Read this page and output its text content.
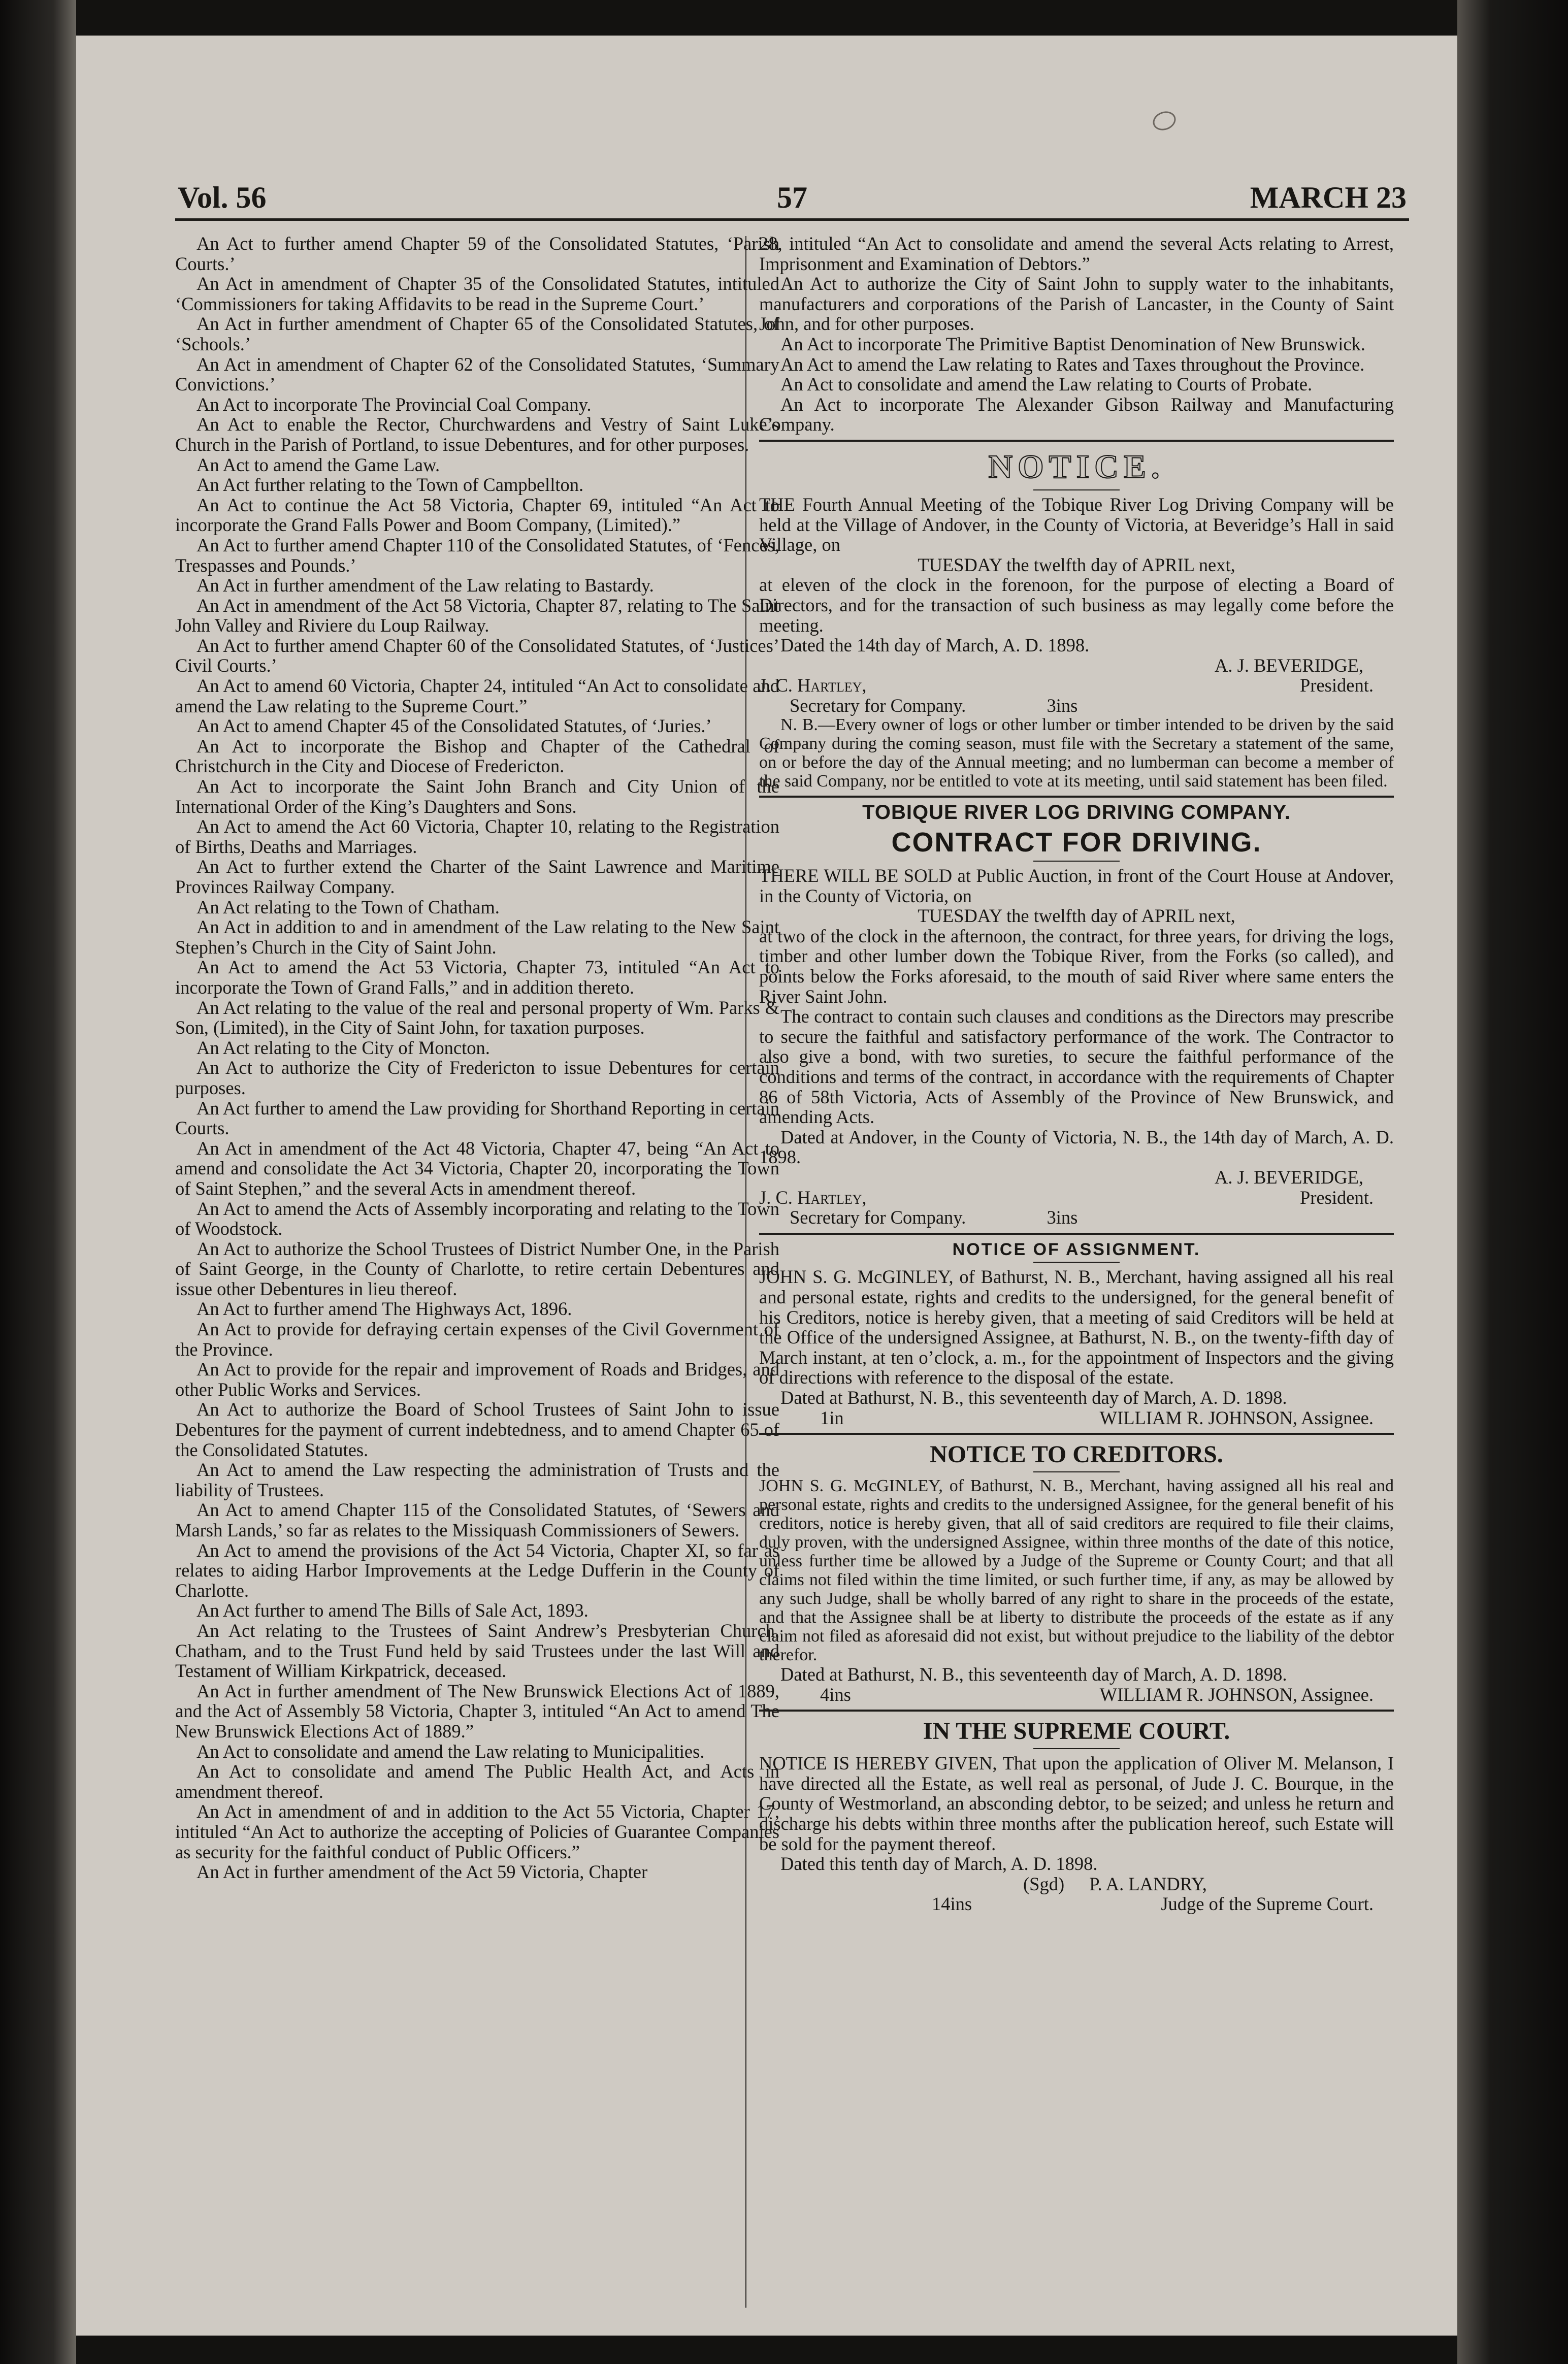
Vol. 56	57	MARCH 23

An Act to further amend Chapter 59 of the Consolidated Statutes, ‘Parish Courts.’

An Act in amendment of Chapter 35 of the Consolidated Statutes, intituled ‘Commissioners for taking Affidavits to be read in the Supreme Court.’

An Act in further amendment of Chapter 65 of the Consolidated Statutes, of ‘Schools.’

An Act in amendment of Chapter 62 of the Consolidated Statutes, ‘Summary Convictions.’

An Act to incorporate The Provincial Coal Company.

An Act to enable the Rector, Churchwardens and Vestry of Saint Luke’s Church in the Parish of Portland, to issue Debentures, and for other purposes.

An Act to amend the Game Law.

An Act further relating to the Town of Campbellton.

An Act to continue the Act 58 Victoria, Chapter 69, intituled “An Act to incorporate the Grand Falls Power and Boom Company, (Limited).”

An Act to further amend Chapter 110 of the Consolidated Statutes, of ‘Fences, Trespasses and Pounds.’

An Act in further amendment of the Law relating to Bastardy.

An Act in amendment of the Act 58 Victoria, Chapter 87, relating to The Saint John Valley and Riviere du Loup Railway.

An Act to further amend Chapter 60 of the Consolidated Statutes, of ‘Justices’ Civil Courts.’

An Act to amend 60 Victoria, Chapter 24, intituled “An Act to consolidate and amend the Law relating to the Supreme Court.”

An Act to amend Chapter 45 of the Consolidated Statutes, of ‘Juries.’

An Act to incorporate the Bishop and Chapter of the Cathedral of Christchurch in the City and Diocese of Fredericton.

An Act to incorporate the Saint John Branch and City Union of the International Order of the King’s Daughters and Sons.

An Act to amend the Act 60 Victoria, Chapter 10, relating to the Registration of Births, Deaths and Marriages.

An Act to further extend the Charter of the Saint Lawrence and Maritime Provinces Railway Company.

An Act relating to the Town of Chatham.

An Act in addition to and in amendment of the Law relating to the New Saint Stephen’s Church in the City of Saint John.

An Act to amend the Act 53 Victoria, Chapter 73, intituled “An Act to incorporate the Town of Grand Falls,” and in addition thereto.

An Act relating to the value of the real and personal property of Wm. Parks & Son, (Limited), in the City of Saint John, for taxation purposes.

An Act relating to the City of Moncton.

An Act to authorize the City of Fredericton to issue Debentures for certain purposes.

An Act further to amend the Law providing for Shorthand Reporting in certain Courts.

An Act in amendment of the Act 48 Victoria, Chapter 47, being “An Act to amend and consolidate the Act 34 Victoria, Chapter 20, incorporating the Town of Saint Stephen,” and the several Acts in amendment thereof.

An Act to amend the Acts of Assembly incorporating and relating to the Town of Woodstock.

An Act to authorize the School Trustees of District Number One, in the Parish of Saint George, in the County of Charlotte, to retire certain Debentures and issue other Debentures in lieu thereof.

An Act to further amend The Highways Act, 1896.

An Act to provide for defraying certain expenses of the Civil Government of the Province.

An Act to provide for the repair and improvement of Roads and Bridges, and other Public Works and Services.

An Act to authorize the Board of School Trustees of Saint John to issue Debentures for the payment of current indebtedness, and to amend Chapter 65 of the Consolidated Statutes.

An Act to amend the Law respecting the administration of Trusts and the liability of Trustees.

An Act to amend Chapter 115 of the Consolidated Statutes, of ‘Sewers and Marsh Lands,’ so far as relates to the Missiquash Commissioners of Sewers.

An Act to amend the provisions of the Act 54 Victoria, Chapter XI, so far as relates to aiding Harbor Improvements at the Ledge Dufferin in the County of Charlotte.

An Act further to amend The Bills of Sale Act, 1893.

An Act relating to the Trustees of Saint Andrew’s Presbyterian Church, Chatham, and to the Trust Fund held by said Trustees under the last Will and Testament of William Kirkpatrick, deceased.

An Act in further amendment of The New Brunswick Elections Act of 1889, and the Act of Assembly 58 Victoria, Chapter 3, intituled “An Act to amend The New Brunswick Elections Act of 1889.”

An Act to consolidate and amend the Law relating to Municipalities.

An Act to consolidate and amend The Public Health Act, and Acts in amendment thereof.

An Act in amendment of and in addition to the Act 55 Victoria, Chapter 17, intituled “An Act to authorize the accepting of Policies of Guarantee Companies as security for the faithful conduct of Public Officers.”

An Act in further amendment of the Act 59 Victoria, Chapter

28, intituled “An Act to consolidate and amend the several Acts relating to Arrest, Imprisonment and Examination of Debtors.”

An Act to authorize the City of Saint John to supply water to the inhabitants, manufacturers and corporations of the Parish of Lancaster, in the County of Saint John, and for other purposes.

An Act to incorporate The Primitive Baptist Denomination of New Brunswick.

An Act to amend the Law relating to Rates and Taxes throughout the Province.

An Act to consolidate and amend the Law relating to Courts of Probate.

An Act to incorporate The Alexander Gibson Railway and Manufacturing Company.

NOTICE.

THE Fourth Annual Meeting of the Tobique River Log Driving Company will be held at the Village of Andover, in the County of Victoria, at Beveridge’s Hall in said Village, on

TUESDAY the twelfth day of APRIL next,

at eleven of the clock in the forenoon, for the purpose of electing a Board of Directors, and for the transaction of such business as may legally come before the meeting.

Dated the 14th day of March, A. D. 1898.

A. J. BEVERIDGE,
J. C. Hartley,	President.
Secretary for Company.	3ins

N. B.—Every owner of logs or other lumber or timber intended to be driven by the said Company during the coming season, must file with the Secretary a statement of the same, on or before the day of the Annual meeting; and no lumberman can become a member of the said Company, nor be entitled to vote at its meeting, until said statement has been filed.

TOBIQUE RIVER LOG DRIVING COMPANY.
CONTRACT FOR DRIVING.

THERE WILL BE SOLD at Public Auction, in front of the Court House at Andover, in the County of Victoria, on

TUESDAY the twelfth day of APRIL next,

at two of the clock in the afternoon, the contract, for three years, for driving the logs, timber and other lumber down the Tobique River, from the Forks (so called), and points below the Forks aforesaid, to the mouth of said River where same enters the River Saint John.

The contract to contain such clauses and conditions as the Directors may prescribe to secure the faithful and satisfactory performance of the work. The Contractor to also give a bond, with two sureties, to secure the faithful performance of the conditions and terms of the contract, in accordance with the requirements of Chapter 86 of 58th Victoria, Acts of Assembly of the Province of New Brunswick, and amending Acts.

Dated at Andover, in the County of Victoria, N. B., the 14th day of March, A. D. 1898.

A. J. BEVERIDGE,
J. C. Hartley,	President.
Secretary for Company.	3ins
NOTICE OF ASSIGNMENT.

JOHN S. G. McGINLEY, of Bathurst, N. B., Merchant, having assigned all his real and personal estate, rights and credits to the undersigned, for the general benefit of his Creditors, notice is hereby given, that a meeting of said Creditors will be held at the Office of the undersigned Assignee, at Bathurst, N. B., on the twenty-fifth day of March instant, at ten o’clock, a. m., for the appointment of Inspectors and the giving of directions with reference to the disposal of the estate.

Dated at Bathurst, N. B., this seventeenth day of March, A. D. 1898.

1in	WILLIAM R. JOHNSON, Assignee.
NOTICE TO CREDITORS.

JOHN S. G. McGINLEY, of Bathurst, N. B., Merchant, having assigned all his real and personal estate, rights and credits to the undersigned Assignee, for the general benefit of his creditors, notice is hereby given, that all of said creditors are required to file their claims, duly proven, with the undersigned Assignee, within three months of the date of this notice, unless further time be allowed by a Judge of the Supreme or County Court; and that all claims not filed within the time limited, or such further time, if any, as may be allowed by any such Judge, shall be wholly barred of any right to share in the proceeds of the estate, and that the Assignee shall be at liberty to distribute the proceeds of the estate as if any claim not filed as aforesaid did not exist, but without prejudice to the liability of the debtor therefor.

Dated at Bathurst, N. B., this seventeenth day of March, A. D. 1898.

4ins	WILLIAM R. JOHNSON, Assignee.
IN THE SUPREME COURT.

NOTICE IS HEREBY GIVEN, That upon the application of Oliver M. Melanson, I have directed all the Estate, as well real as personal, of Jude J. C. Bourque, in the County of Westmorland, an absconding debtor, to be seized; and unless he return and discharge his debts within three months after the publication hereof, such Estate will be sold for the payment thereof.

Dated this tenth day of March, A. D. 1898.

(Sgd) P. A. LANDRY,
14ins	Judge of the Supreme Court.
